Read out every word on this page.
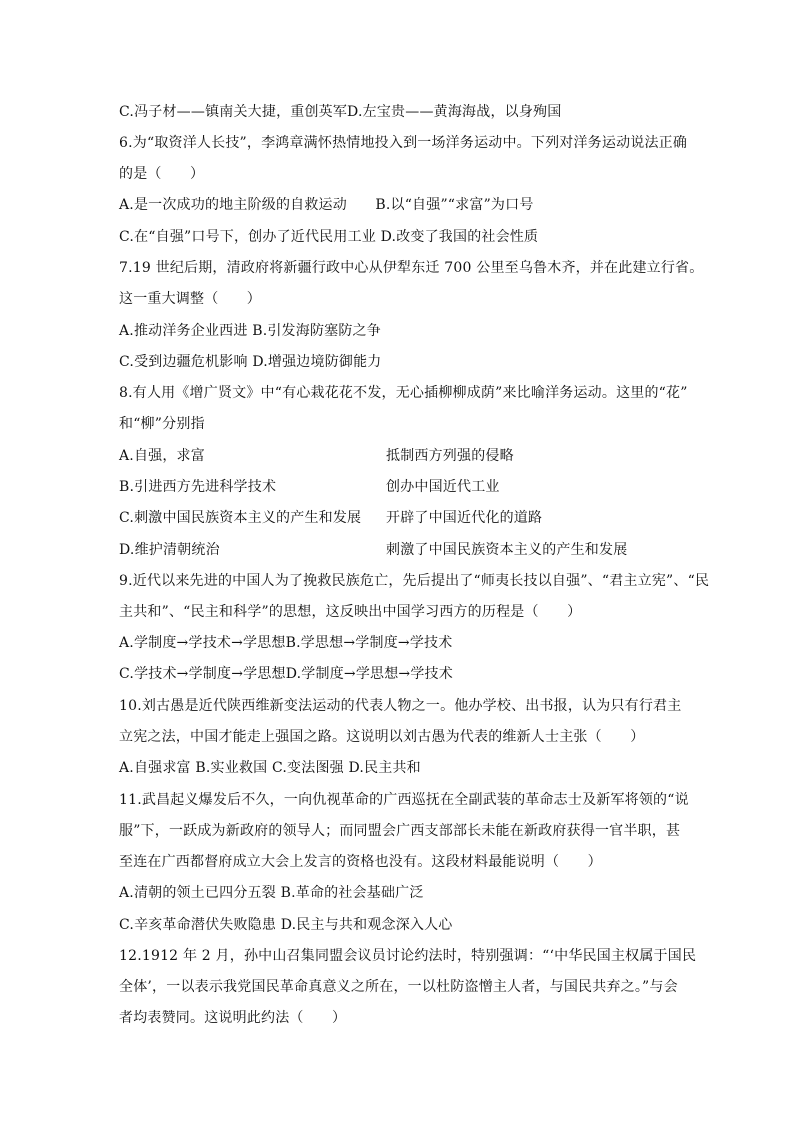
C.冯子材——镇南关大捷，重创英军D.左宝贵——黄海海战，以身殉国
6.为“取资洋人长技”，李鸿章满怀热情地投入到一场洋务运动中。下列对洋务运动说法正确
的是（　　）
A.是一次成功的地主阶级的自救运动　　B.以“自强”“求富”为口号
C.在“自强”口号下，创办了近代民用工业 D.改变了我国的社会性质
7.19 世纪后期，清政府将新疆行政中心从伊犁东迁 700 公里至乌鲁木齐，并在此建立行省。
这一重大调整（　　）
A.推动洋务企业西进 B.引发海防塞防之争
C.受到边疆危机影响 D.增强边境防御能力
8.有人用《增广贤文》中“有心栽花花不发，无心插柳柳成荫”来比喻洋务运动。这里的“花”
和“柳”分别指
A.自强，求富	抵制西方列强的侵略
B.引进西方先进科学技术	创办中国近代工业
C.刺激中国民族资本主义的产生和发展 开辟了中国近代化的道路
D.维护清朝统治	刺激了中国民族资本主义的产生和发展
9.近代以来先进的中国人为了挽救民族危亡，先后提出了“师夷长技以自强”、“君主立宪”、“民
主共和”、“民主和科学”的思想，这反映出中国学习西方的历程是（　　）
A.学制度→学技术→学思想B.学思想→学制度→学技术
C.学技术→学制度→学思想D.学制度→学思想→学技术
10.刘古愚是近代陕西维新变法运动的代表人物之一。他办学校、出书报，认为只有行君主
立宪之法，中国才能走上强国之路。这说明以刘古愚为代表的维新人士主张（　　）
A.自强求富 B.实业救国 C.变法图强 D.民主共和
11.武昌起义爆发后不久，一向仇视革命的广西巡抚在全副武装的革命志士及新军将领的“说
服”下，一跃成为新政府的领导人；而同盟会广西支部部长未能在新政府获得一官半职，甚
至连在广西都督府成立大会上发言的资格也没有。这段材料最能说明（　　）
A.清朝的领土已四分五裂 B.革命的社会基础广泛
C.辛亥革命潜伏失败隐患 D.民主与共和观念深入人心
12.1912 年 2 月，孙中山召集同盟会议员讨论约法时，特别强调：“‘中华民国主权属于国民
全体’，一以表示我党国民革命真意义之所在，一以杜防盗憎主人者，与国民共弃之。”与会
者均表赞同。这说明此约法（　　）
